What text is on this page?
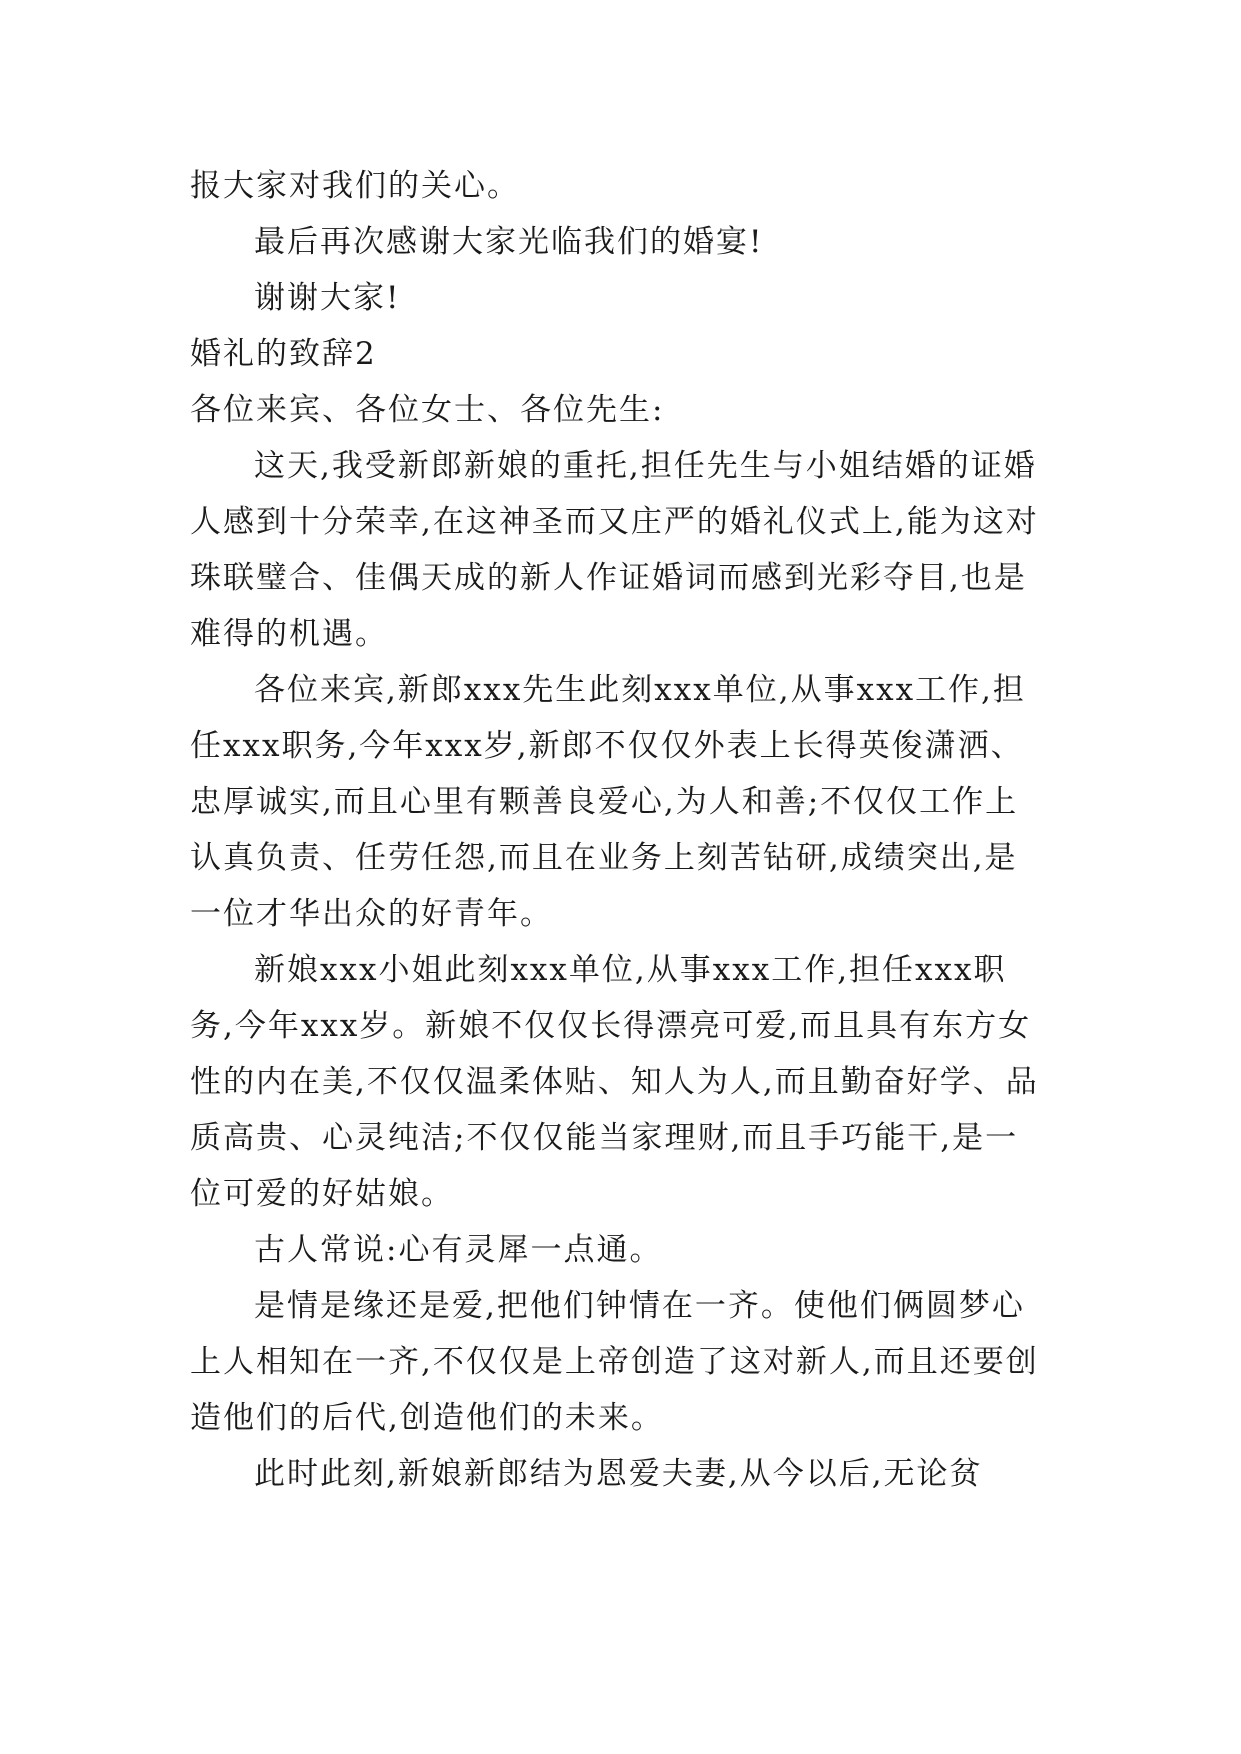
报大家对我们的关心。

最后再次感谢大家光临我们的婚宴!

谢谢大家!

婚礼的致辞2

各位来宾、各位女士、各位先生:

这天,我受新郎新娘的重托,担任先生与小姐结婚的证婚人感到十分荣幸,在这神圣而又庄严的婚礼仪式上,能为这对珠联璧合、佳偶天成的新人作证婚词而感到光彩夺目,也是难得的机遇。

各位来宾,新郎xxx先生此刻xxx单位,从事xxx工作,担任xxx职务,今年xxx岁,新郎不仅仅外表上长得英俊潇洒、忠厚诚实,而且心里有颗善良爱心,为人和善;不仅仅工作上认真负责、任劳任怨,而且在业务上刻苦钻研,成绩突出,是一位才华出众的好青年。

新娘xxx小姐此刻xxx单位,从事xxx工作,担任xxx职务,今年xxx岁。新娘不仅仅长得漂亮可爱,而且具有东方女性的内在美,不仅仅温柔体贴、知人为人,而且勤奋好学、品质高贵、心灵纯洁;不仅仅能当家理财,而且手巧能干,是一位可爱的好姑娘。

古人常说:心有灵犀一点通。

是情是缘还是爱,把他们钟情在一齐。使他们俩圆梦心上人相知在一齐,不仅仅是上帝创造了这对新人,而且还要创造他们的后代,创造他们的未来。

此时此刻,新娘新郎结为恩爱夫妻,从今以后,无论贫
